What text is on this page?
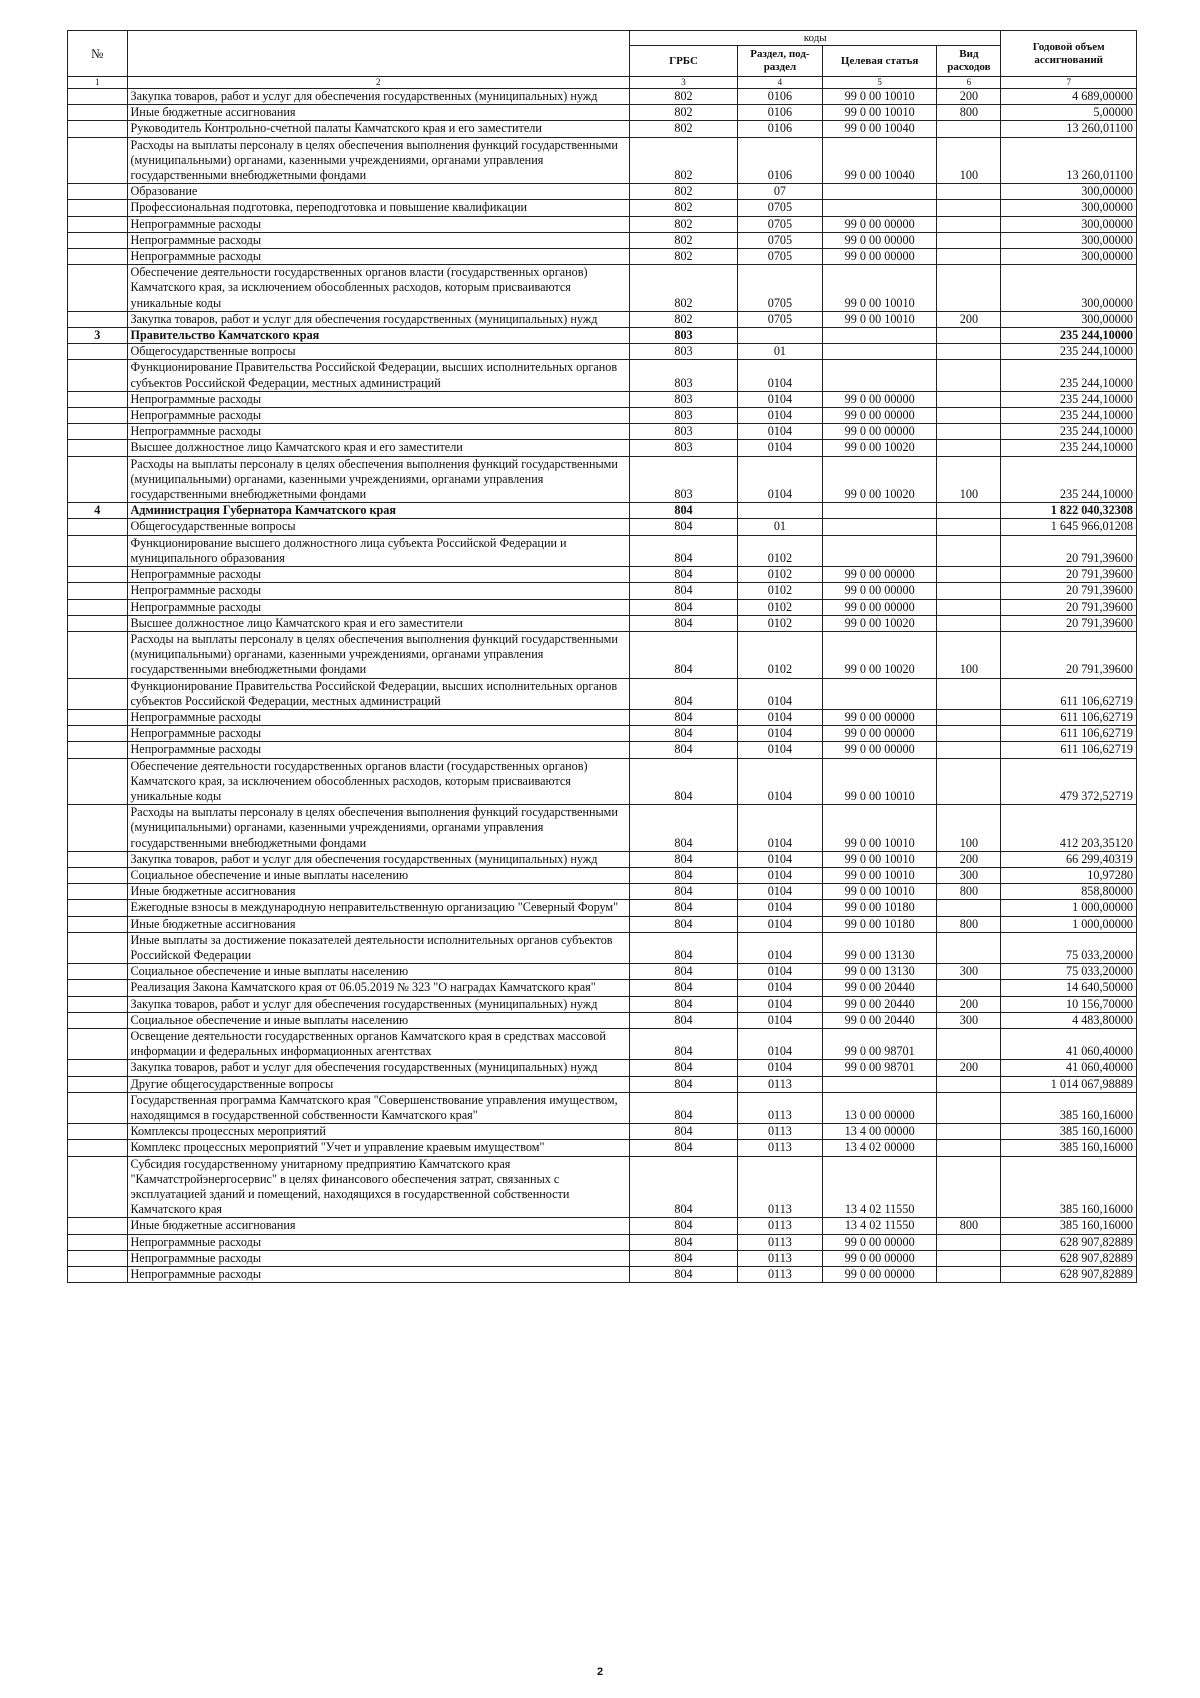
№		коды				Годовой объем ассигнований
		ГРБС	Раздел, под-раздел	Целевая статья	Вид расходов	
1	2	3	4	5	6	7
	Закупка товаров, работ и услуг для обеспечения государственных (муниципальных) нужд	802	0106	99 0 00 10010	200	4 689,00000
	Иные бюджетные ассигнования	802	0106	99 0 00 10010	800	5,00000
	Руководитель Контрольно-счетной палаты Камчатского края и его заместители	802	0106	99 0 00 10040		13 260,01100
	Расходы на выплаты персоналу в целях обеспечения выполнения функций государственными (муниципальными) органами, казенными учреждениями, органами управления государственными внебюджетными фондами	802	0106	99 0 00 10040	100	13 260,01100
	Образование	802	07			300,00000
	Профессиональная подготовка, переподготовка и повышение квалификации	802	0705			300,00000
	Непрограммные расходы	802	0705	99 0 00 00000		300,00000
	Непрограммные расходы	802	0705	99 0 00 00000		300,00000
	Непрограммные расходы	802	0705	99 0 00 00000		300,00000
	Обеспечение деятельности государственных органов власти (государственных органов) Камчатского края, за исключением обособленных расходов, которым присваиваются уникальные коды	802	0705	99 0 00 10010		300,00000
	Закупка товаров, работ и услуг для обеспечения государственных (муниципальных) нужд	802	0705	99 0 00 10010	200	300,00000
3	Правительство Камчатского края	803				235 244,10000
	Общегосударственные вопросы	803	01			235 244,10000
	Функционирование Правительства Российской Федерации, высших исполнительных органов субъектов Российской Федерации, местных администраций	803	0104			235 244,10000
	Непрограммные расходы	803	0104	99 0 00 00000		235 244,10000
	Непрограммные расходы	803	0104	99 0 00 00000		235 244,10000
	Непрограммные расходы	803	0104	99 0 00 00000		235 244,10000
	Высшее должностное лицо Камчатского края и его заместители	803	0104	99 0 00 10020		235 244,10000
	Расходы на выплаты персоналу в целях обеспечения выполнения функций государственными (муниципальными) органами, казенными учреждениями, органами управления государственными внебюджетными фондами	803	0104	99 0 00 10020	100	235 244,10000
4	Администрация Губернатора Камчатского края	804				1 822 040,32308
	Общегосударственные вопросы	804	01			1 645 966,01208
	Функционирование высшего должностного лица субъекта Российской Федерации и муниципального образования	804	0102			20 791,39600
	Непрограммные расходы	804	0102	99 0 00 00000		20 791,39600
	Непрограммные расходы	804	0102	99 0 00 00000		20 791,39600
	Непрограммные расходы	804	0102	99 0 00 00000		20 791,39600
	Высшее должностное лицо Камчатского края и его заместители	804	0102	99 0 00 10020		20 791,39600
	Расходы на выплаты персоналу в целях обеспечения выполнения функций государственными (муниципальными) органами, казенными учреждениями, органами управления государственными внебюджетными фондами	804	0102	99 0 00 10020	100	20 791,39600
	Функционирование Правительства Российской Федерации, высших исполнительных органов субъектов Российской Федерации, местных администраций	804	0104			611 106,62719
	Непрограммные расходы	804	0104	99 0 00 00000		611 106,62719
	Непрограммные расходы	804	0104	99 0 00 00000		611 106,62719
	Непрограммные расходы	804	0104	99 0 00 00000		611 106,62719
	Обеспечение деятельности государственных органов власти (государственных органов) Камчатского края, за исключением обособленных расходов, которым присваиваются уникальные коды	804	0104	99 0 00 10010		479 372,52719
	Расходы на выплаты персоналу в целях обеспечения выполнения функций государственными (муниципальными) органами, казенными учреждениями, органами управления государственными внебюджетными фондами	804	0104	99 0 00 10010	100	412 203,35120
	Закупка товаров, работ и услуг для обеспечения государственных (муниципальных) нужд	804	0104	99 0 00 10010	200	66 299,40319
	Социальное обеспечение и иные выплаты населению	804	0104	99 0 00 10010	300	10,97280
	Иные бюджетные ассигнования	804	0104	99 0 00 10010	800	858,80000
	Ежегодные взносы в международную неправительственную организацию "Северный Форум"	804	0104	99 0 00 10180		1 000,00000
	Иные бюджетные ассигнования	804	0104	99 0 00 10180	800	1 000,00000
	Иные выплаты за достижение показателей деятельности исполнительных органов субъектов Российской Федерации	804	0104	99 0 00 13130		75 033,20000
	Социальное обеспечение и иные выплаты населению	804	0104	99 0 00 13130	300	75 033,20000
	Реализация Закона Камчатского края от 06.05.2019 № 323 "О наградах Камчатского края"	804	0104	99 0 00 20440		14 640,50000
	Закупка товаров, работ и услуг для обеспечения государственных (муниципальных) нужд	804	0104	99 0 00 20440	200	10 156,70000
	Социальное обеспечение и иные выплаты населению	804	0104	99 0 00 20440	300	4 483,80000
	Освещение деятельности государственных органов Камчатского края в средствах массовой информации и федеральных информационных агентствах	804	0104	99 0 00 98701		41 060,40000
	Закупка товаров, работ и услуг для обеспечения государственных (муниципальных) нужд	804	0104	99 0 00 98701	200	41 060,40000
	Другие общегосударственные вопросы	804	0113			1 014 067,98889
	Государственная программа Камчатского края "Совершенствование управления имуществом, находящимся в государственной собственности Камчатского края"	804	0113	13 0 00 00000		385 160,16000
	Комплексы процессных мероприятий	804	0113	13 4 00 00000		385 160,16000
	Комплекс процессных мероприятий "Учет и управление краевым имуществом"	804	0113	13 4 02 00000		385 160,16000
	Субсидия государственному унитарному предприятию Камчатского края "Камчатстройэнергосервис" в целях финансового обеспечения затрат, связанных с эксплуатацией зданий и помещений, находящихся в государственной собственности Камчатского края	804	0113	13 4 02 11550		385 160,16000
	Иные бюджетные ассигнования	804	0113	13 4 02 11550	800	385 160,16000
	Непрограммные расходы	804	0113	99 0 00 00000		628 907,82889
	Непрограммные расходы	804	0113	99 0 00 00000		628 907,82889
	Непрограммные расходы	804	0113	99 0 00 00000		628 907,82889
2
